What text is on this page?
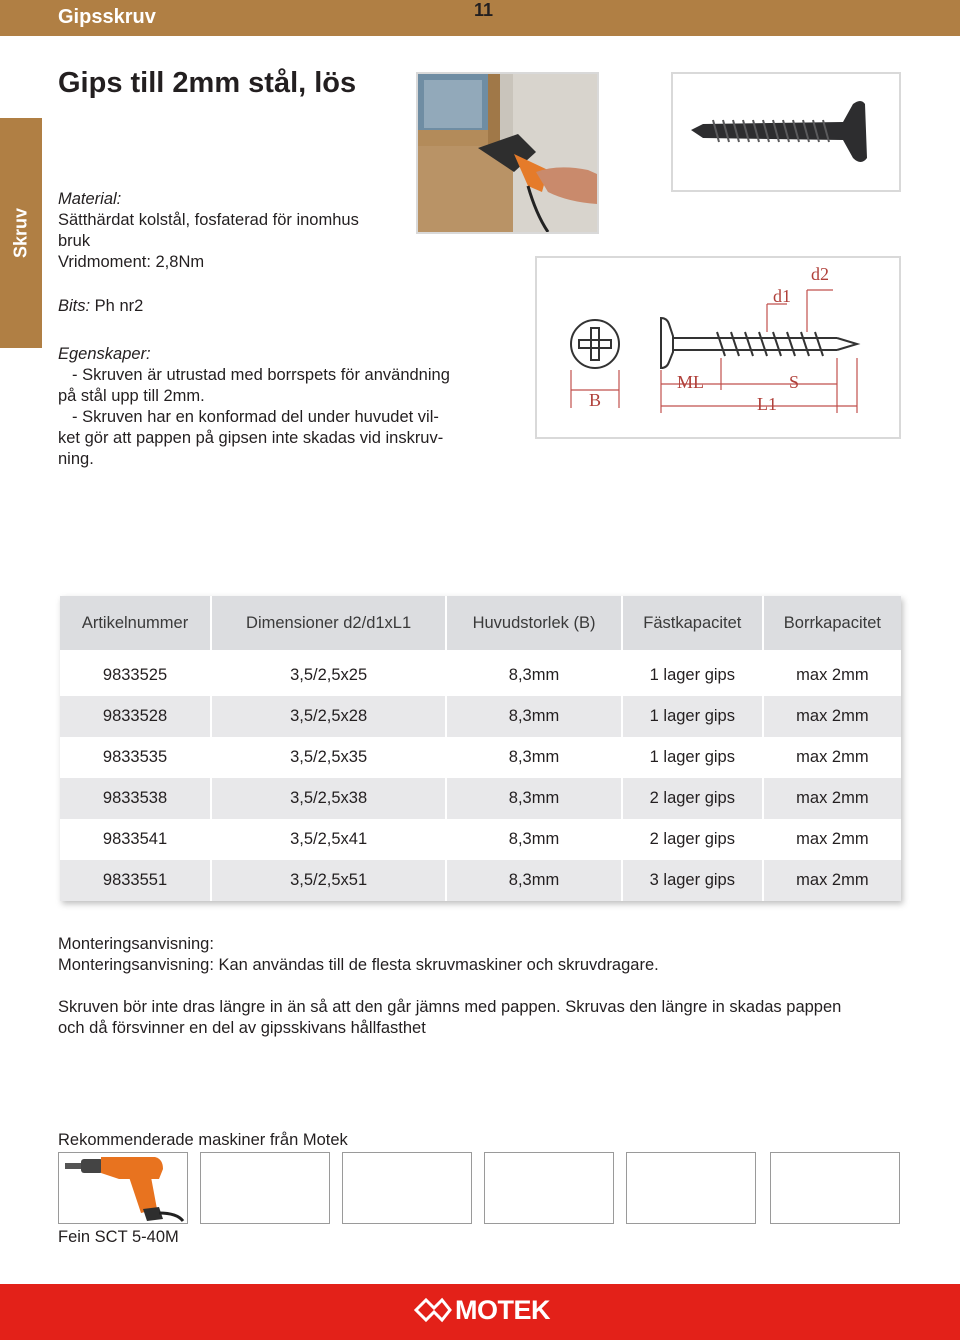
Gipsskruv	11
Skruv
Gips till 2mm stål, lös
Material:
Sätthärdat kolstål, fosfaterad för inomhus
bruk
Vridmoment: 2,8Nm
Bits: Ph nr2
Egenskaper:
- Skruven är utrustad med borrspets för användning
på stål upp till 2mm.
- Skruven har en konformad del under huvudet vil-
ket gör att pappen på gipsen inte skadas vid inskruv-
ning.
B
ML	S
L1
d1
d2
Artikelnummer	Dimensioner d2/d1xL1	Huvudstorlek (B)	Fästkapacitet	Borrkapacitet
9833525	3,5/2,5x25	8,3mm	1 lager gips	max 2mm
9833528	3,5/2,5x28	8,3mm	1 lager gips	max 2mm
9833535	3,5/2,5x35	8,3mm	1 lager gips	max 2mm
9833538	3,5/2,5x38	8,3mm	2 lager gips	max 2mm
9833541	3,5/2,5x41	8,3mm	2 lager gips	max 2mm
9833551	3,5/2,5x51	8,3mm	3 lager gips	max 2mm
Monteringsanvisning:
Monteringsanvisning: Kan användas till de flesta skruvmaskiner och skruvdragare.
Skruven bör inte dras längre in än så att den går jämns med pappen. Skruvas den längre in skadas pappen
och då försvinner en del av gipsskivans hållfasthet
Rekommenderade maskiner från Motek
Fein SCT 5-40M
MOTEK
